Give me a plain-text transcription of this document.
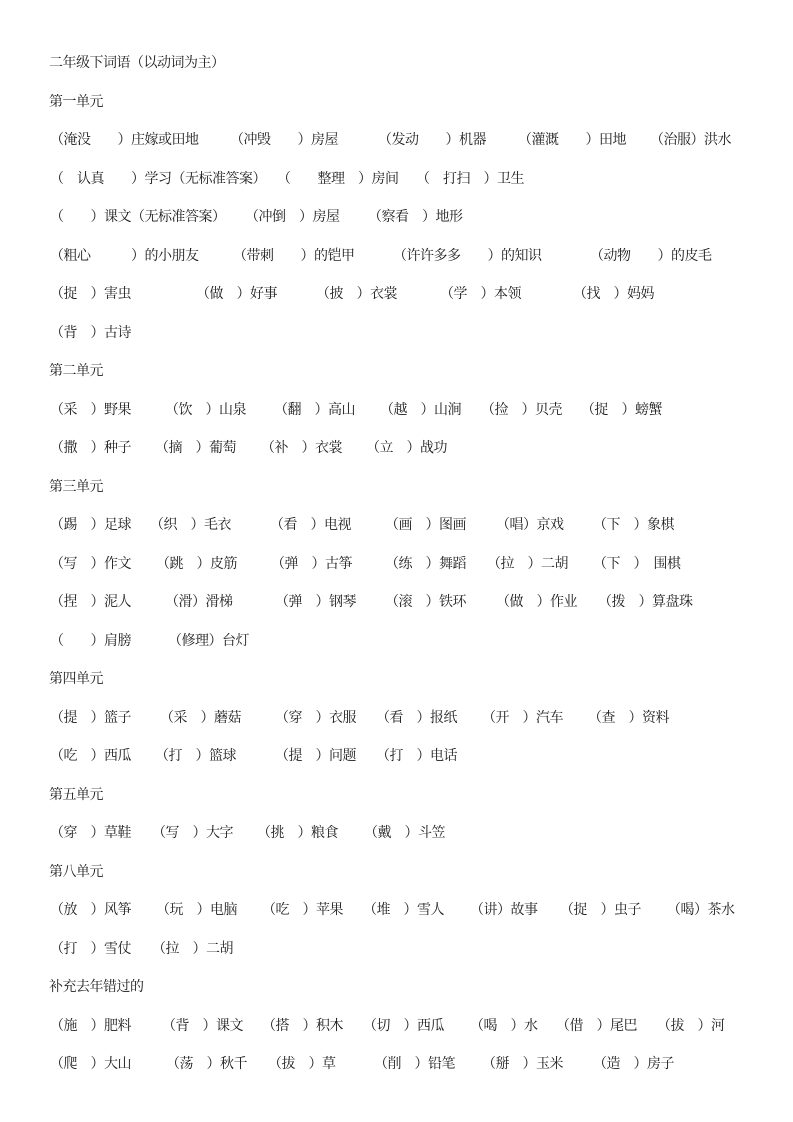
二年级下词语（以动词为主）
第一单元
（淹没　　）庄嫁或田地 （冲毁　　）房屋	（发动　　）机器 （灌溉　　）田地 （治服）洪水
（　认真　　）学习（无标准答案） （　　整理　）房间 （　打扫　）卫生
（　　）课文（无标准答案） （冲倒　）房屋 （察看　）地形
（粗心　　　）的小朋友 （带刺　　）的铠甲	（许许多多　　）的知识	（动物　　）的皮毛
（捉　）害虫	（做　）好事	（披　）衣裳	（学　）本领	（找　）妈妈
（背　）古诗
第二单元
（采　）野果 （饮　）山泉 （翻　）高山 （越　）山涧 （捡　）贝壳 （捉　）螃蟹
（撒　）种子 （摘　）葡萄 （补　）衣裳 （立　）战功
第三单元
（踢　）足球 （织　）毛衣	（看　）电视 （画　）图画 （唱）京戏 （下　）象棋
（写　）作文 （跳　）皮筋 （弹　）古筝 （练　）舞蹈 （拉　）二胡 （下　）　围棋
（捏　）泥人 （滑）滑梯	（弹　）钢琴 （滚　）铁环 （做　）作业 （拨　）算盘珠
（　　）肩膀	（修理）台灯
第四单元
（提　）篮子 （采　）蘑菇 （穿　）衣服 （看　）报纸 （开　）汽车 （查　）资料
（吃　）西瓜 （打　）篮球	（提　）问题 （打　）电话
第五单元
（穿　）草鞋 （写　）大字 （挑　）粮食 （戴　）斗笠
第八单元
（放　）风筝 （玩　）电脑 （吃　）苹果 （堆　）雪人 （讲）故事 （捉　）虫子 （喝）茶水
（打　）雪仗 （拉　）二胡
补充去年错过的
（施　）肥料 （背　）课文 （搭　）积木 （切　）西瓜 （喝　）水 （借　）尾巴 （拔　）河
（爬　）大山	（荡　）秋千 （拔　）草	（削　）铅笔 （掰　）玉米 （造　）房子
